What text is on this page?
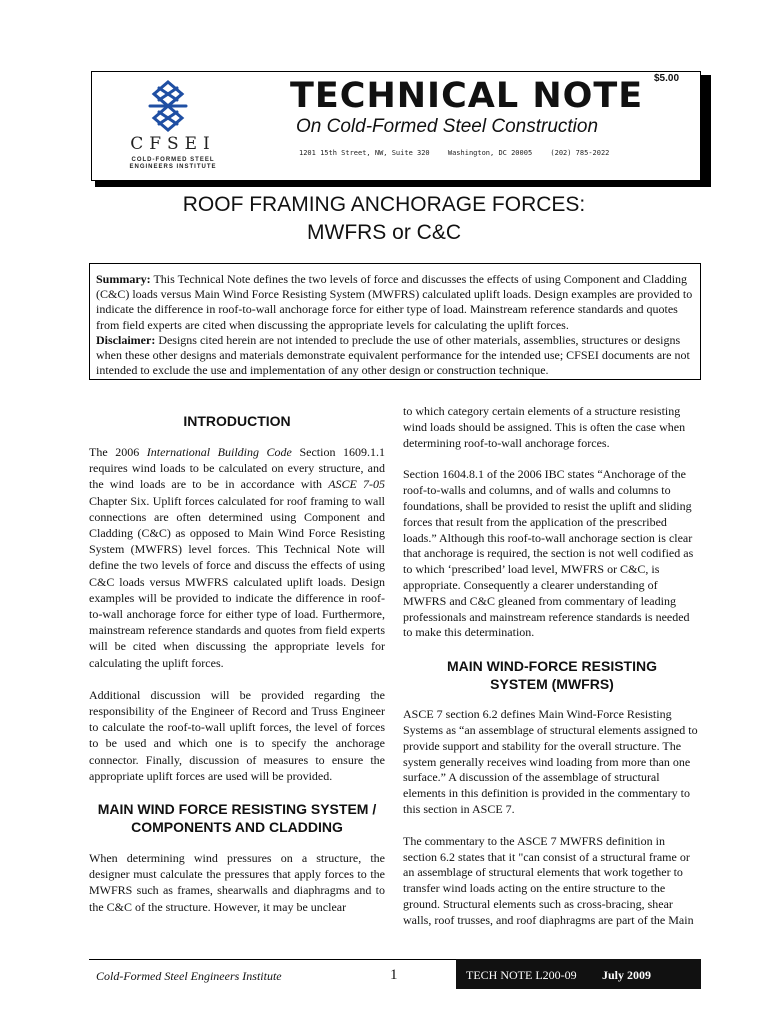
CFSEI
COLD-FORMED STEEL
ENGINEERS INSTITUTE
TECHNICAL NOTE $5.00
On Cold-Formed Steel Construction
1201 15th Street, NW, Suite 320	Washington, DC 20005	(202) 785-2022
ROOF FRAMING ANCHORAGE FORCES:
MWFRS or C&C

Summary: This Technical Note defines the two levels of force and discusses the effects of using Component and Cladding (C&C) loads versus Main Wind Force Resisting System (MWFRS) calculated uplift loads. Design examples are provided to indicate the difference in roof-to-wall anchorage force for either type of load. Mainstream reference standards and quotes from field experts are cited when discussing the appropriate levels for calculating the uplift forces.

Disclaimer: Designs cited herein are not intended to preclude the use of other materials, assemblies, structures or designs when these other designs and materials demonstrate equivalent performance for the intended use; CFSEI documents are not intended to exclude the use and implementation of any other design or construction technique.

INTRODUCTION

The 2006 International Building Code Section 1609.1.1 requires wind loads to be calculated on every structure, and the wind loads are to be in accordance with ASCE 7-05 Chapter Six. Uplift forces calculated for roof framing to wall connections are often determined using Component and Cladding (C&C) as opposed to Main Wind Force Resisting System (MWFRS) level forces. This Technical Note will define the two levels of force and discuss the effects of using C&C loads versus MWFRS calculated uplift loads. Design examples will be provided to indicate the difference in roof-to-wall anchorage force for either type of load. Furthermore, mainstream reference standards and quotes from field experts will be cited when discussing the appropriate levels for calculating the uplift forces.

Additional discussion will be provided regarding the responsibility of the Engineer of Record and Truss Engineer to calculate the roof-to-wall uplift forces, the level of forces to be used and which one is to specify the anchorage connector. Finally, discussion of measures to ensure the appropriate uplift forces are used will be provided.

MAIN WIND FORCE RESISTING SYSTEM /
COMPONENTS AND CLADDING

When determining wind pressures on a structure, the designer must calculate the pressures that apply forces to the MWFRS such as frames, shearwalls and diaphragms and to the C&C of the structure. However, it may be unclear

to which category certain elements of a structure resisting wind loads should be assigned. This is often the case when determining roof-to-wall anchorage forces.

Section 1604.8.1 of the 2006 IBC states “Anchorage of the roof-to-walls and columns, and of walls and columns to foundations, shall be provided to resist the uplift and sliding forces that result from the application of the prescribed loads.” Although this roof-to-wall anchorage section is clear that anchorage is required, the section is not well codified as to which ‘prescribed’ load level, MWFRS or C&C, is appropriate. Consequently a clearer understanding of MWFRS and C&C gleaned from commentary of leading professionals and mainstream reference standards is needed to make this determination.

MAIN WIND-FORCE RESISTING
SYSTEM (MWFRS)

ASCE 7 section 6.2 defines Main Wind-Force Resisting Systems as “an assemblage of structural elements assigned to provide support and stability for the overall structure. The system generally receives wind loading from more than one surface.” A discussion of the assemblage of structural elements in this definition is provided in the commentary to this section in ASCE 7.

The commentary to the ASCE 7 MWFRS definition in section 6.2 states that it "can consist of a structural frame or an assemblage of structural elements that work together to transfer wind loads acting on the entire structure to the ground. Structural elements such as cross-bracing, shear walls, roof trusses, and roof diaphragms are part of the Main

Cold-Formed Steel Engineers Institute	1	TECH NOTE L200-09 July 2009
